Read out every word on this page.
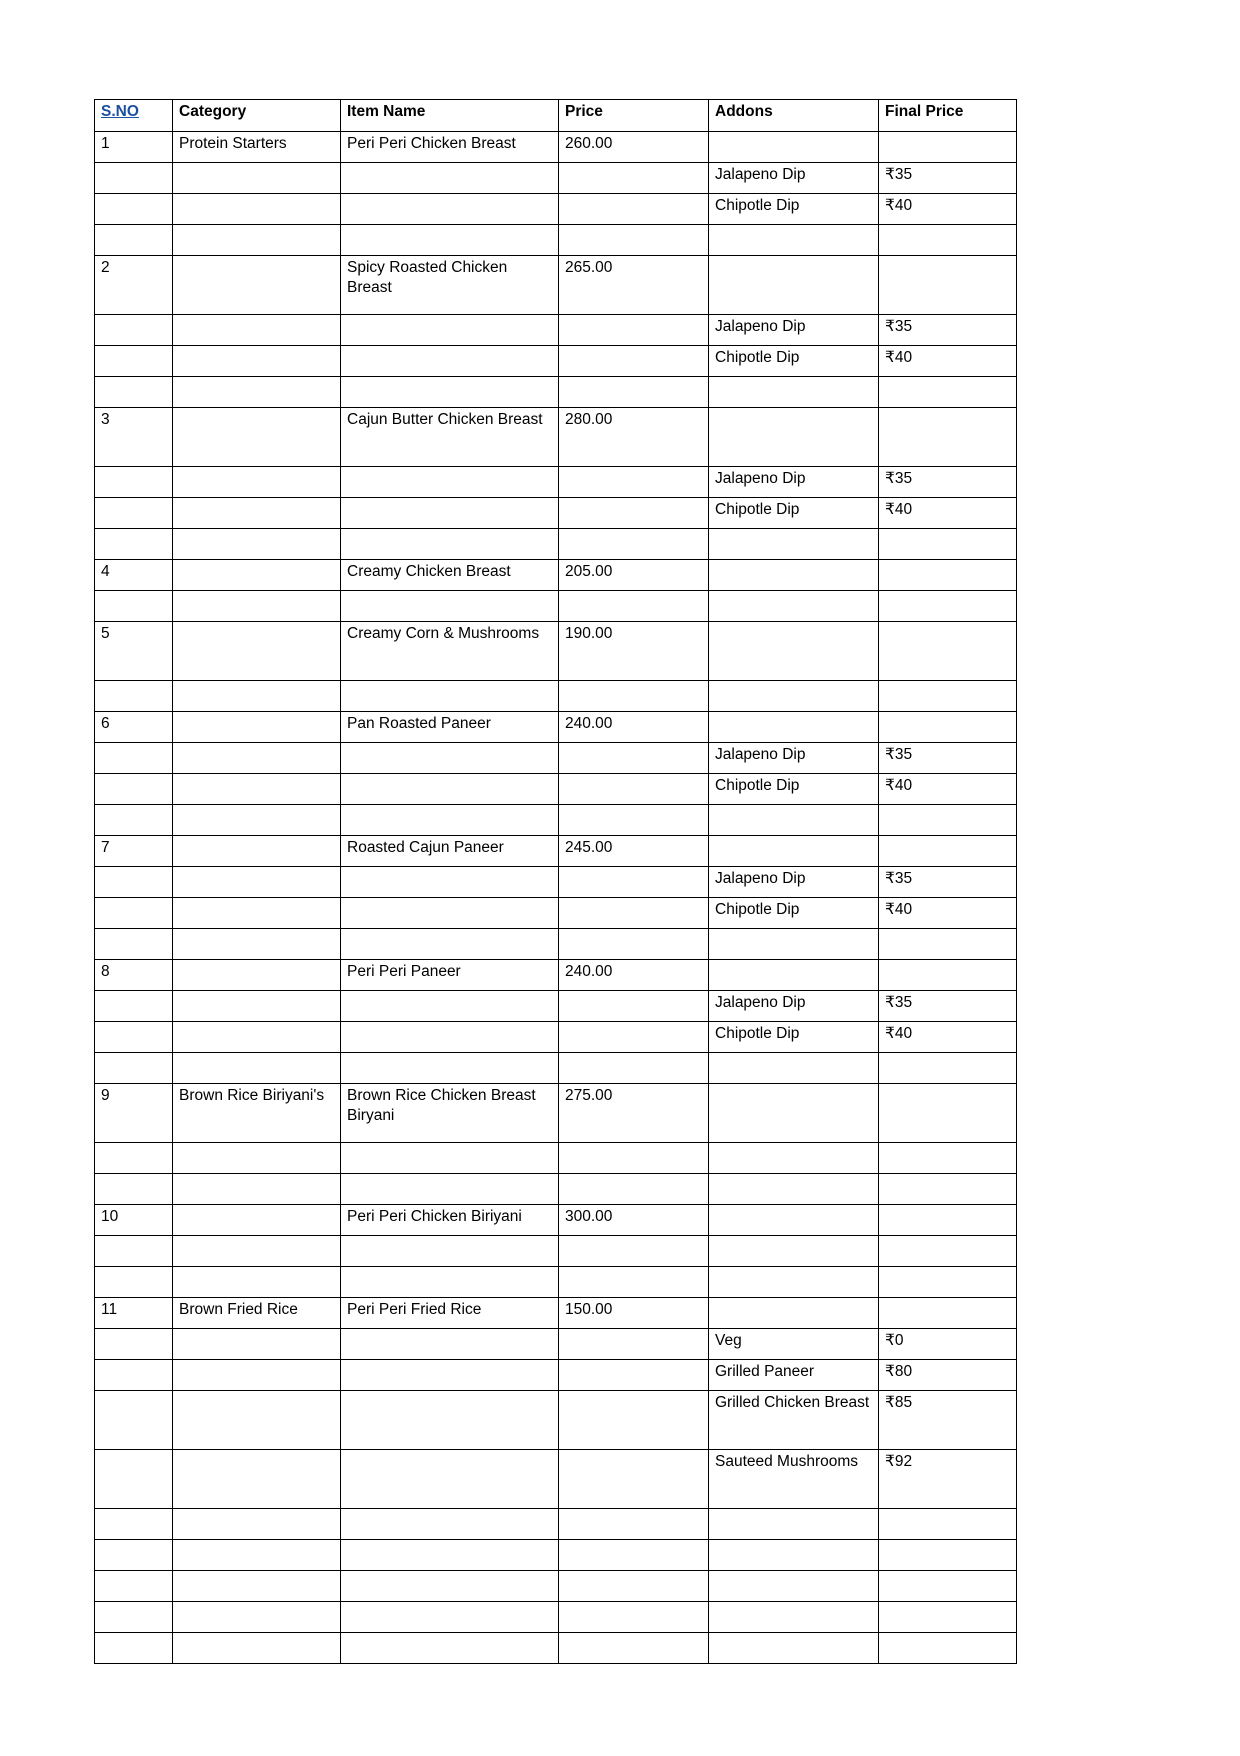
S.NO	Category	Item Name	Price	Addons	Final Price
1	Protein Starters	Peri Peri Chicken Breast	260.00		
				Jalapeno Dip	₹35
				Chipotle Dip	₹40

2		Spicy Roasted Chicken Breast	265.00		
				Jalapeno Dip	₹35
				Chipotle Dip	₹40

3		Cajun Butter Chicken Breast	280.00		
				Jalapeno Dip	₹35
				Chipotle Dip	₹40

4		Creamy Chicken Breast	205.00		

5		Creamy Corn & Mushrooms	190.00		

6		Pan Roasted Paneer	240.00		
				Jalapeno Dip	₹35
				Chipotle Dip	₹40

7		Roasted Cajun Paneer	245.00		
				Jalapeno Dip	₹35
				Chipotle Dip	₹40

8		Peri Peri Paneer	240.00		
				Jalapeno Dip	₹35
				Chipotle Dip	₹40

9	Brown Rice Biriyani's	Brown Rice Chicken Breast Biryani	275.00		

10		Peri Peri Chicken Biriyani	300.00		

11	Brown Fried Rice	Peri Peri Fried Rice	150.00		
				Veg	₹0
				Grilled Paneer	₹80
				Grilled Chicken Breast	₹85
				Sauteed Mushrooms	₹92
